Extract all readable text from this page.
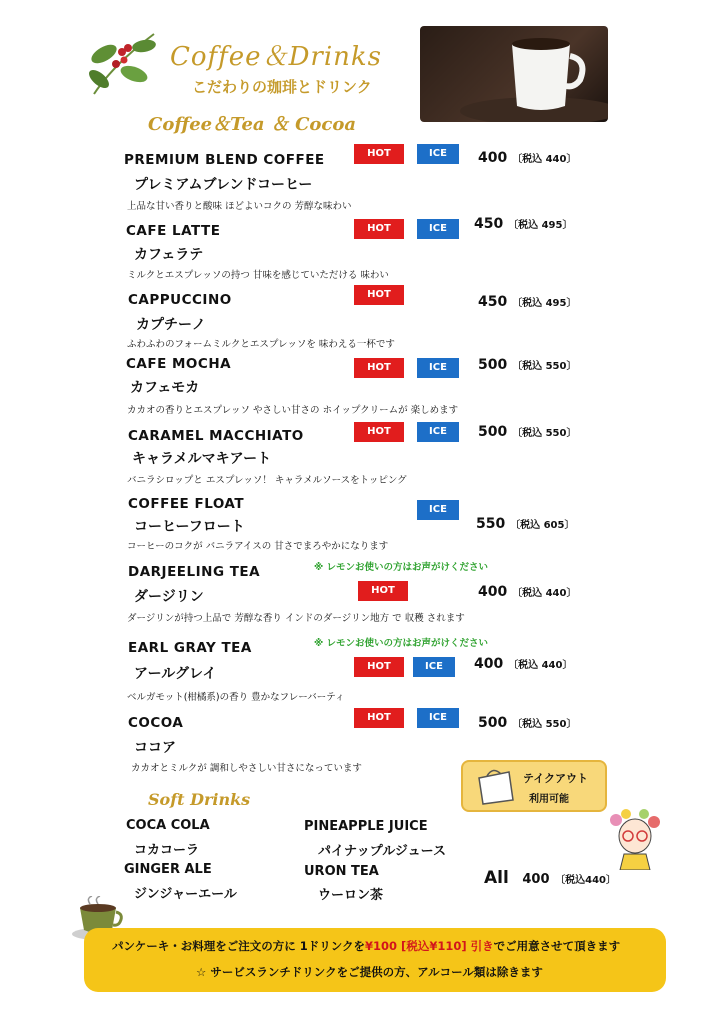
Coffee＆Drinks
こだわりの珈琲とドリンク
Coffee＆Tea ＆ Cocoa
PREMIUM BLEND COFFEE
プレミアムブレンドコーヒー
上品な甘い香りと酸味 ほどよいコクの 芳醇な味わい
HOT	ICE	400 〔税込 440〕
CAFE LATTE
カフェラテ
ミルクとエスプレッソの持つ 甘味を感じていただける 味わい
HOT	ICE	450 〔税込 495〕
CAPPUCCINO
カプチーノ
ふわふわのフォームミルクとエスプレッソを 味わえる一杯です
HOT	450 〔税込 495〕
CAFE MOCHA
カフェモカ
カカオの香りとエスプレッソ やさしい甘さの ホイップクリームが 楽しめます
HOT	ICE	500 〔税込 550〕
CARAMEL MACCHIATO
キャラメルマキアート
バニラシロップと エスプレッソ！ キャラメルソースをトッピング
HOT	ICE	500 〔税込 550〕
COFFEE FLOAT
コーヒーフロート
コーヒーのコクが バニラアイスの 甘さでまろやかになります
ICE
550 〔税込 605〕
DARJEELING TEA	※ レモンお使いの方はお声がけください
ダージリン
ダージリンが持つ上品で 芳醇な香り インドのダージリン地方 で 収穫 されます
HOT	400 〔税込 440〕
EARL GRAY TEA	※ レモンお使いの方はお声がけください
アールグレイ
ベルガモット(柑橘系)の香り 豊かなフレーバーティ
HOT	ICE	400 〔税込 440〕
COCOA
ココア
カカオとミルクが 調和しやさしい甘さになっています
HOT	ICE	500 〔税込 550〕
テイクアウト
利用可能
Soft Drinks
COCA COLA
コカコーラ
GINGER ALE
ジンジャーエール
PINEAPPLE JUICE
パイナップルジュース
URON TEA
ウーロン茶
All 400 〔税込440〕
パンケーキ・お料理をご注文の方に 1ドリンクを¥100 [税込¥110] 引きでご用意させて頂きます
☆ サービスランチドリンクをご提供の方、アルコール類は除きます
